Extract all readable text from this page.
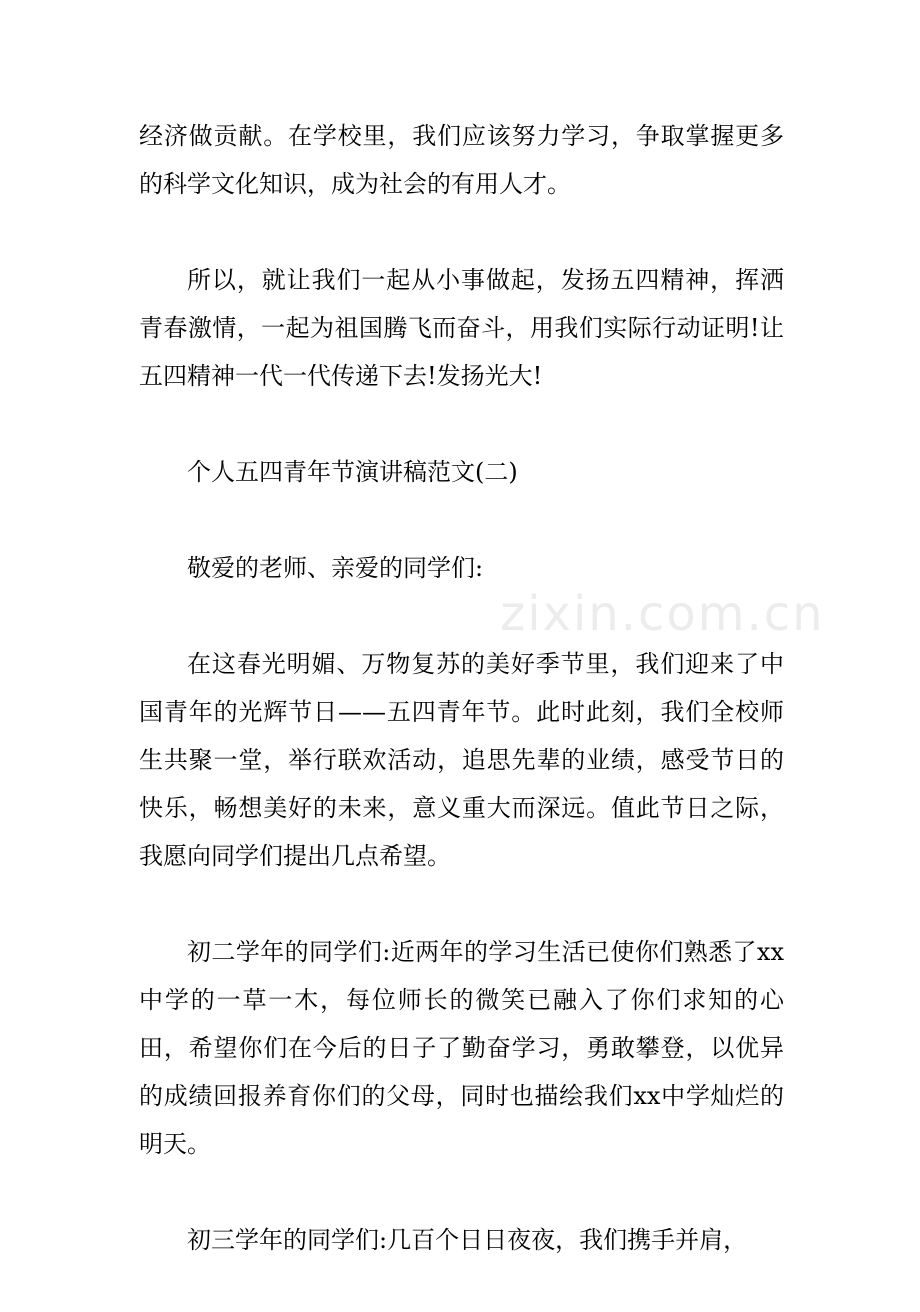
zixin.com.cn

经济做贡献。在学校里，我们应该努力学习，争取掌握更多的科学文化知识，成为社会的有用人才。

所以，就让我们一起从小事做起，发扬五四精神，挥洒青春激情，一起为祖国腾飞而奋斗，用我们实际行动证明!让五四精神一代一代传递下去!发扬光大!

个人五四青年节演讲稿范文(二)

敬爱的老师、亲爱的同学们:

在这春光明媚、万物复苏的美好季节里，我们迎来了中国青年的光辉节日——五四青年节。此时此刻，我们全校师生共聚一堂，举行联欢活动，追思先辈的业绩，感受节日的快乐，畅想美好的未来，意义重大而深远。值此节日之际，我愿向同学们提出几点希望。

初二学年的同学们:近两年的学习生活已使你们熟悉了xx中学的一草一木，每位师长的微笑已融入了你们求知的心田，希望你们在今后的日子了勤奋学习，勇敢攀登，以优异的成绩回报养育你们的父母，同时也描绘我们xx中学灿烂的明天。

初三学年的同学们:几百个日日夜夜，我们携手并肩，
